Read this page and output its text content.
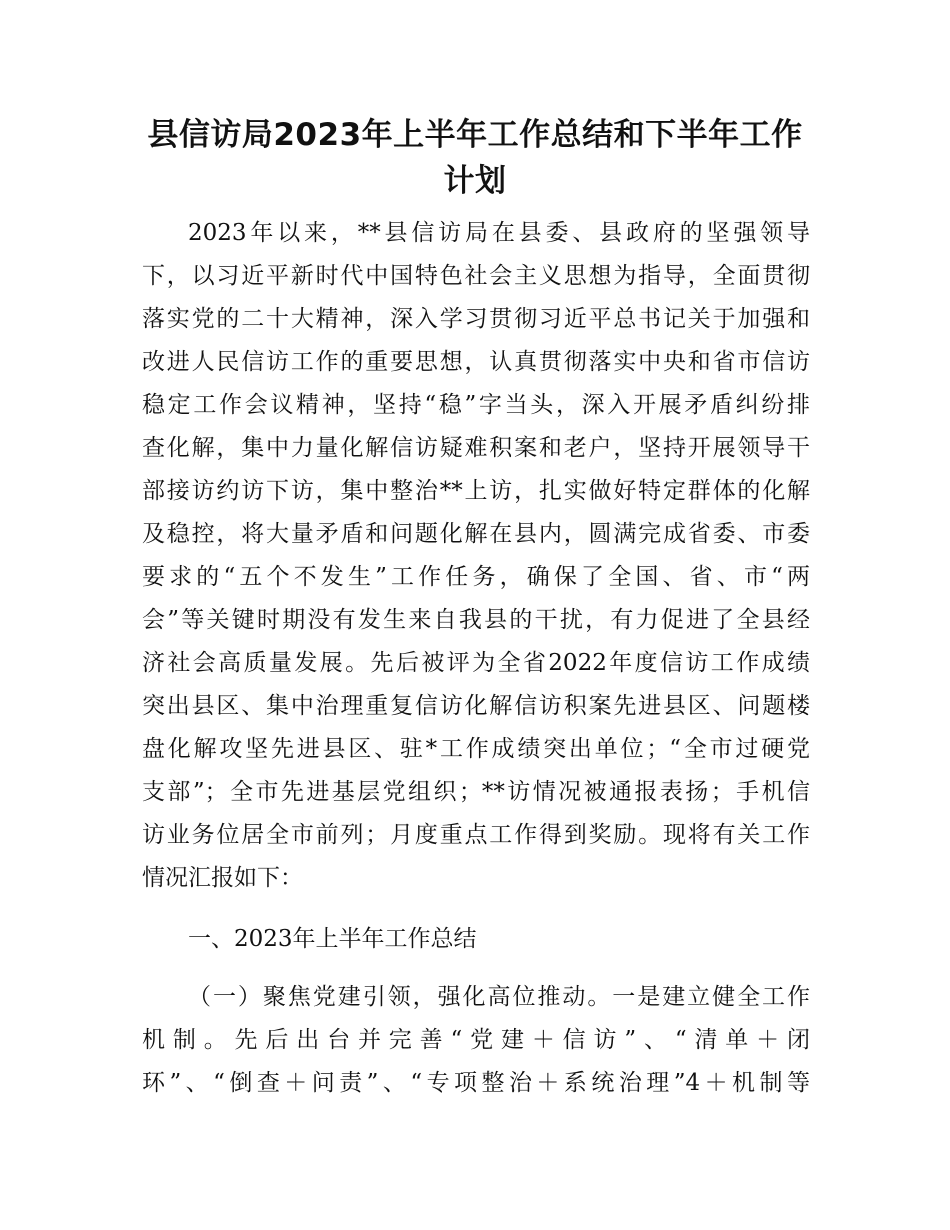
县信访局2023年上半年工作总结和下半年工作
计划
2023年以来，**县信访局在县委、县政府的坚强领导
下，以习近平新时代中国特色社会主义思想为指导，全面贯彻
落实党的二十大精神，深入学习贯彻习近平总书记关于加强和
改进人民信访工作的重要思想，认真贯彻落实中央和省市信访
稳定工作会议精神，坚持“稳”字当头，深入开展矛盾纠纷排
查化解，集中力量化解信访疑难积案和老户，坚持开展领导干
部接访约访下访，集中整治**上访，扎实做好特定群体的化解
及稳控，将大量矛盾和问题化解在县内，圆满完成省委、市委
要求的“五个不发生”工作任务，确保了全国、省、市“两
会”等关键时期没有发生来自我县的干扰，有力促进了全县经
济社会高质量发展。先后被评为全省2022年度信访工作成绩
突出县区、集中治理重复信访化解信访积案先进县区、问题楼
盘化解攻坚先进县区、驻*工作成绩突出单位；“全市过硬党
支部”；全市先进基层党组织；**访情况被通报表扬；手机信
访业务位居全市前列；月度重点工作得到奖励。现将有关工作
情况汇报如下：
一、2023年上半年工作总结
（一）聚焦党建引领，强化高位推动。一是建立健全工作
机制。先后出台并完善“党建＋信访”、“清单＋闭
环”、“倒查＋问责”、“专项整治＋系统治理”4＋机制等
